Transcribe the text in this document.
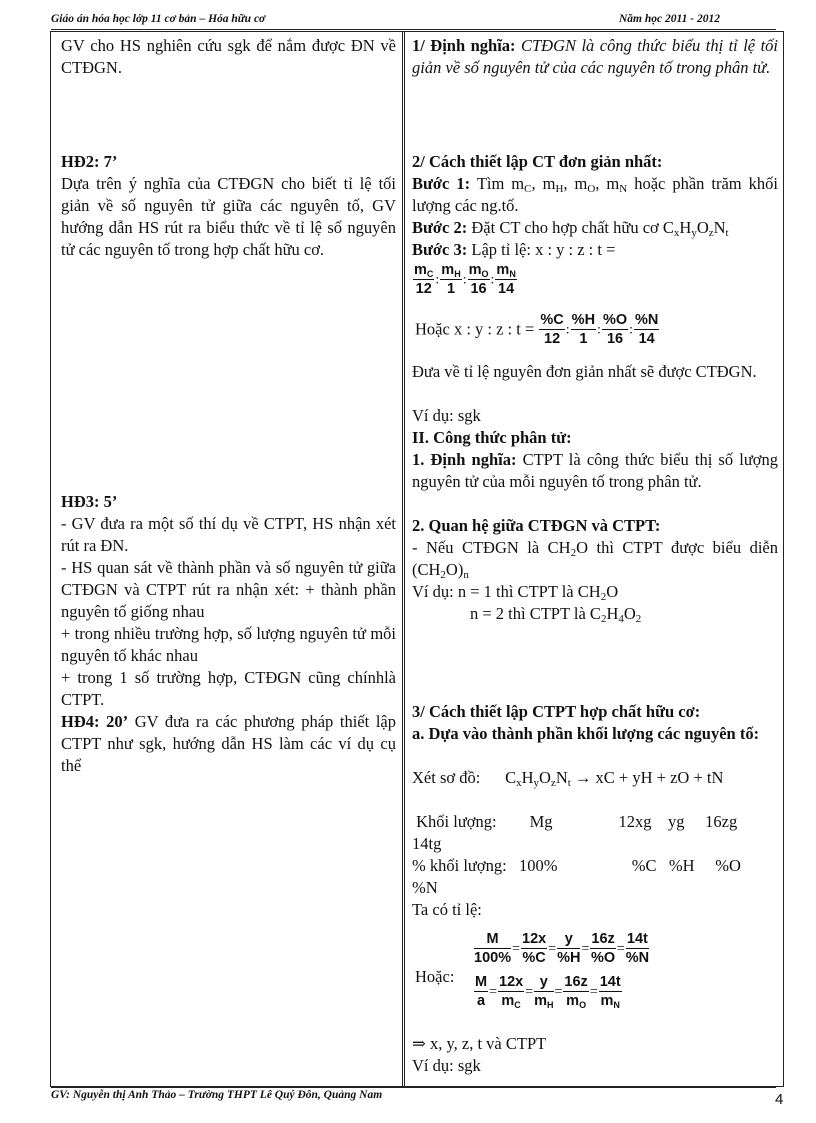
Giáo án hóa học lớp 11 cơ bản – Hóa hữu cơ	Năm học 2011 - 2012
GV cho HS nghiên cứu sgk để nắm được ĐN về CTĐGN.
HĐ2: 7’
Dựa trên ý nghĩa của CTĐGN cho biết tỉ lệ tối giản về số nguyên tử giữa các nguyên tố, GV hướng dẫn HS rút ra biểu thức về tỉ lệ số nguyên tử các nguyên tố trong hợp chất hữu cơ.
HĐ3: 5’
- GV đưa ra một số thí dụ về CTPT, HS nhận xét rút ra ĐN.
- HS quan sát về thành phần và số nguyên tử giữa CTĐGN và CTPT rút ra nhận xét: + thành phần nguyên tố giống nhau
+ trong nhiều trường hợp, số lượng nguyên tử mỗi nguyên tố khác nhau
+ trong 1 số trường hợp, CTĐGN cũng chínhlà CTPT.
HĐ4: 20’ GV đưa ra các phương pháp thiết lập CTPT như sgk, hướng dẫn HS làm các ví dụ cụ thể
1/ Định nghĩa: CTĐGN là công thức biểu thị tỉ lệ tối giản về số nguyên tử của các nguyên tố trong phân tử.
2/ Cách thiết lập CT đơn giản nhất:
Bước 1: Tìm $m_C$, $m_H$, $m_O$, $m_N$ hoặc phần trăm khối lượng các ng.tố.
Bước 2: Đặt CT cho hợp chất hữu cơ $C_xH_yO_zN_t$
Bước 3: Lập tỉ lệ: x : y : z : t =
$\frac{m_C}{12}$ : $\frac{m_H}{1}$ : $\frac{m_O}{16}$ : $\frac{m_N}{14}$
Hoặc x : y : z : $t = \frac{\%C}{12}$ : $\frac{\%H}{1}$ : $\frac{\%O}{16}$ : $\frac{\%N}{14}$
Đưa về tỉ lệ nguyên đơn giản nhất sẽ được CTĐGN.
Ví dụ: sgk
II. Công thức phân tử:
1. Định nghĩa: CTPT là công thức biểu thị số lượng nguyên tử của mỗi nguyên tố trong phân tử.
2. Quan hệ giữa CTĐGN và CTPT:
- Nếu CTĐGN là $CH_2O$ thì CTPT được biểu diễn $(CH_2O)_n$
Ví dụ: n = 1 thì CTPT là $CH_2O$
n = 2 thì CTPT là $C_2H_4O_2$
3/ Cách thiết lập CTPT hợp chất hữu cơ:
a. Dựa vào thành phần khối lượng các nguyên tố:
Xét sơ đồ:      $C_xH_yO_zN_t$ → xC + yH + zO + tN
Khối lượng: Mg	12xg    yg     16zg
14tg
% khối lượng: 100%	%C   %H     %O
%N
Ta có tỉ lệ:
Hoặc:
$\frac{M}{100\%} = \frac{12x}{\%C} = \frac{y}{\%H} = \frac{16z}{\%O} = \frac{14t}{\%N}$
$\frac{M}{a} = \frac{12x}{m_C} = \frac{y}{m_H} = \frac{16z}{m_O} = \frac{14t}{m_N}$
⇒ x, y, z, t và CTPT
Ví dụ: sgk
GV: Nguyễn thị Anh Thảo – Trường THPT Lê Quý Đôn, Quảng Nam	4
